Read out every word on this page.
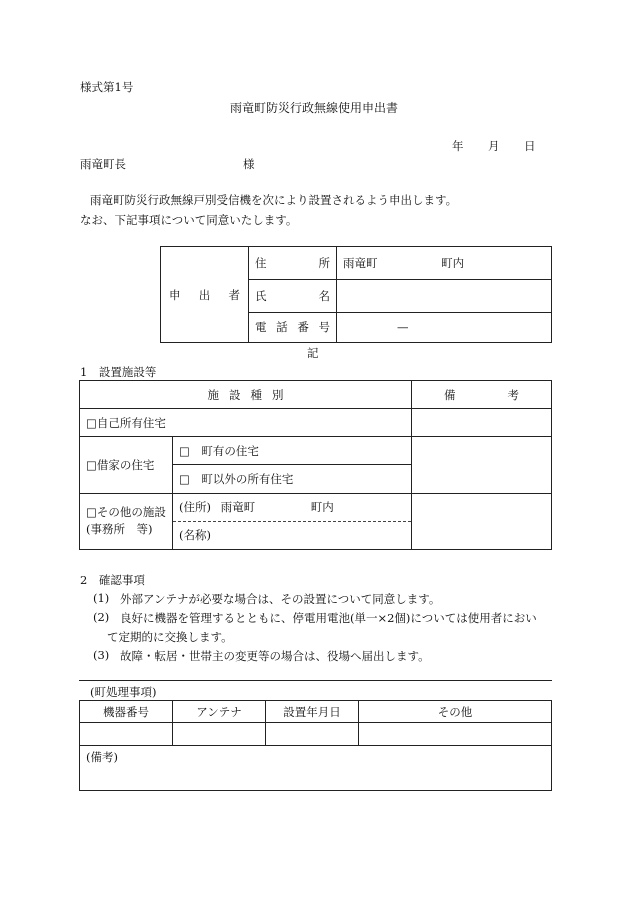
様式第1号
雨竜町防災行政無線使用申出書
年 月 日
雨竜町長	様
雨竜町防災行政無線戸別受信機を次により設置されるよう申出します。
なお、下記事項について同意いたします。
申 出 者	住 所	雨竜町 町内

	氏 名	

	電 話 番 号	—
記
1　設置施設等
施 設 種 別		備 考
□自己所有住宅		
□借家の住宅	□　町有の住宅	
	□　町以外の所有住宅	

□その他の施設
(事務所　等)	(住所) 雨竜町 町内	
	(名称)	
2　確認事項
(1) 外部アンテナが必要な場合は、その設置について同意します。
(2) 良好に機器を管理するとともに、停電用電池(単一×2個)については使用者におい
て定期的に交換します。
(3) 故障・転居・世帯主の変更等の場合は、役場へ届出します。
(町処理事項)
機器番号	アンテナ	設置年月日	その他

(備考)			
